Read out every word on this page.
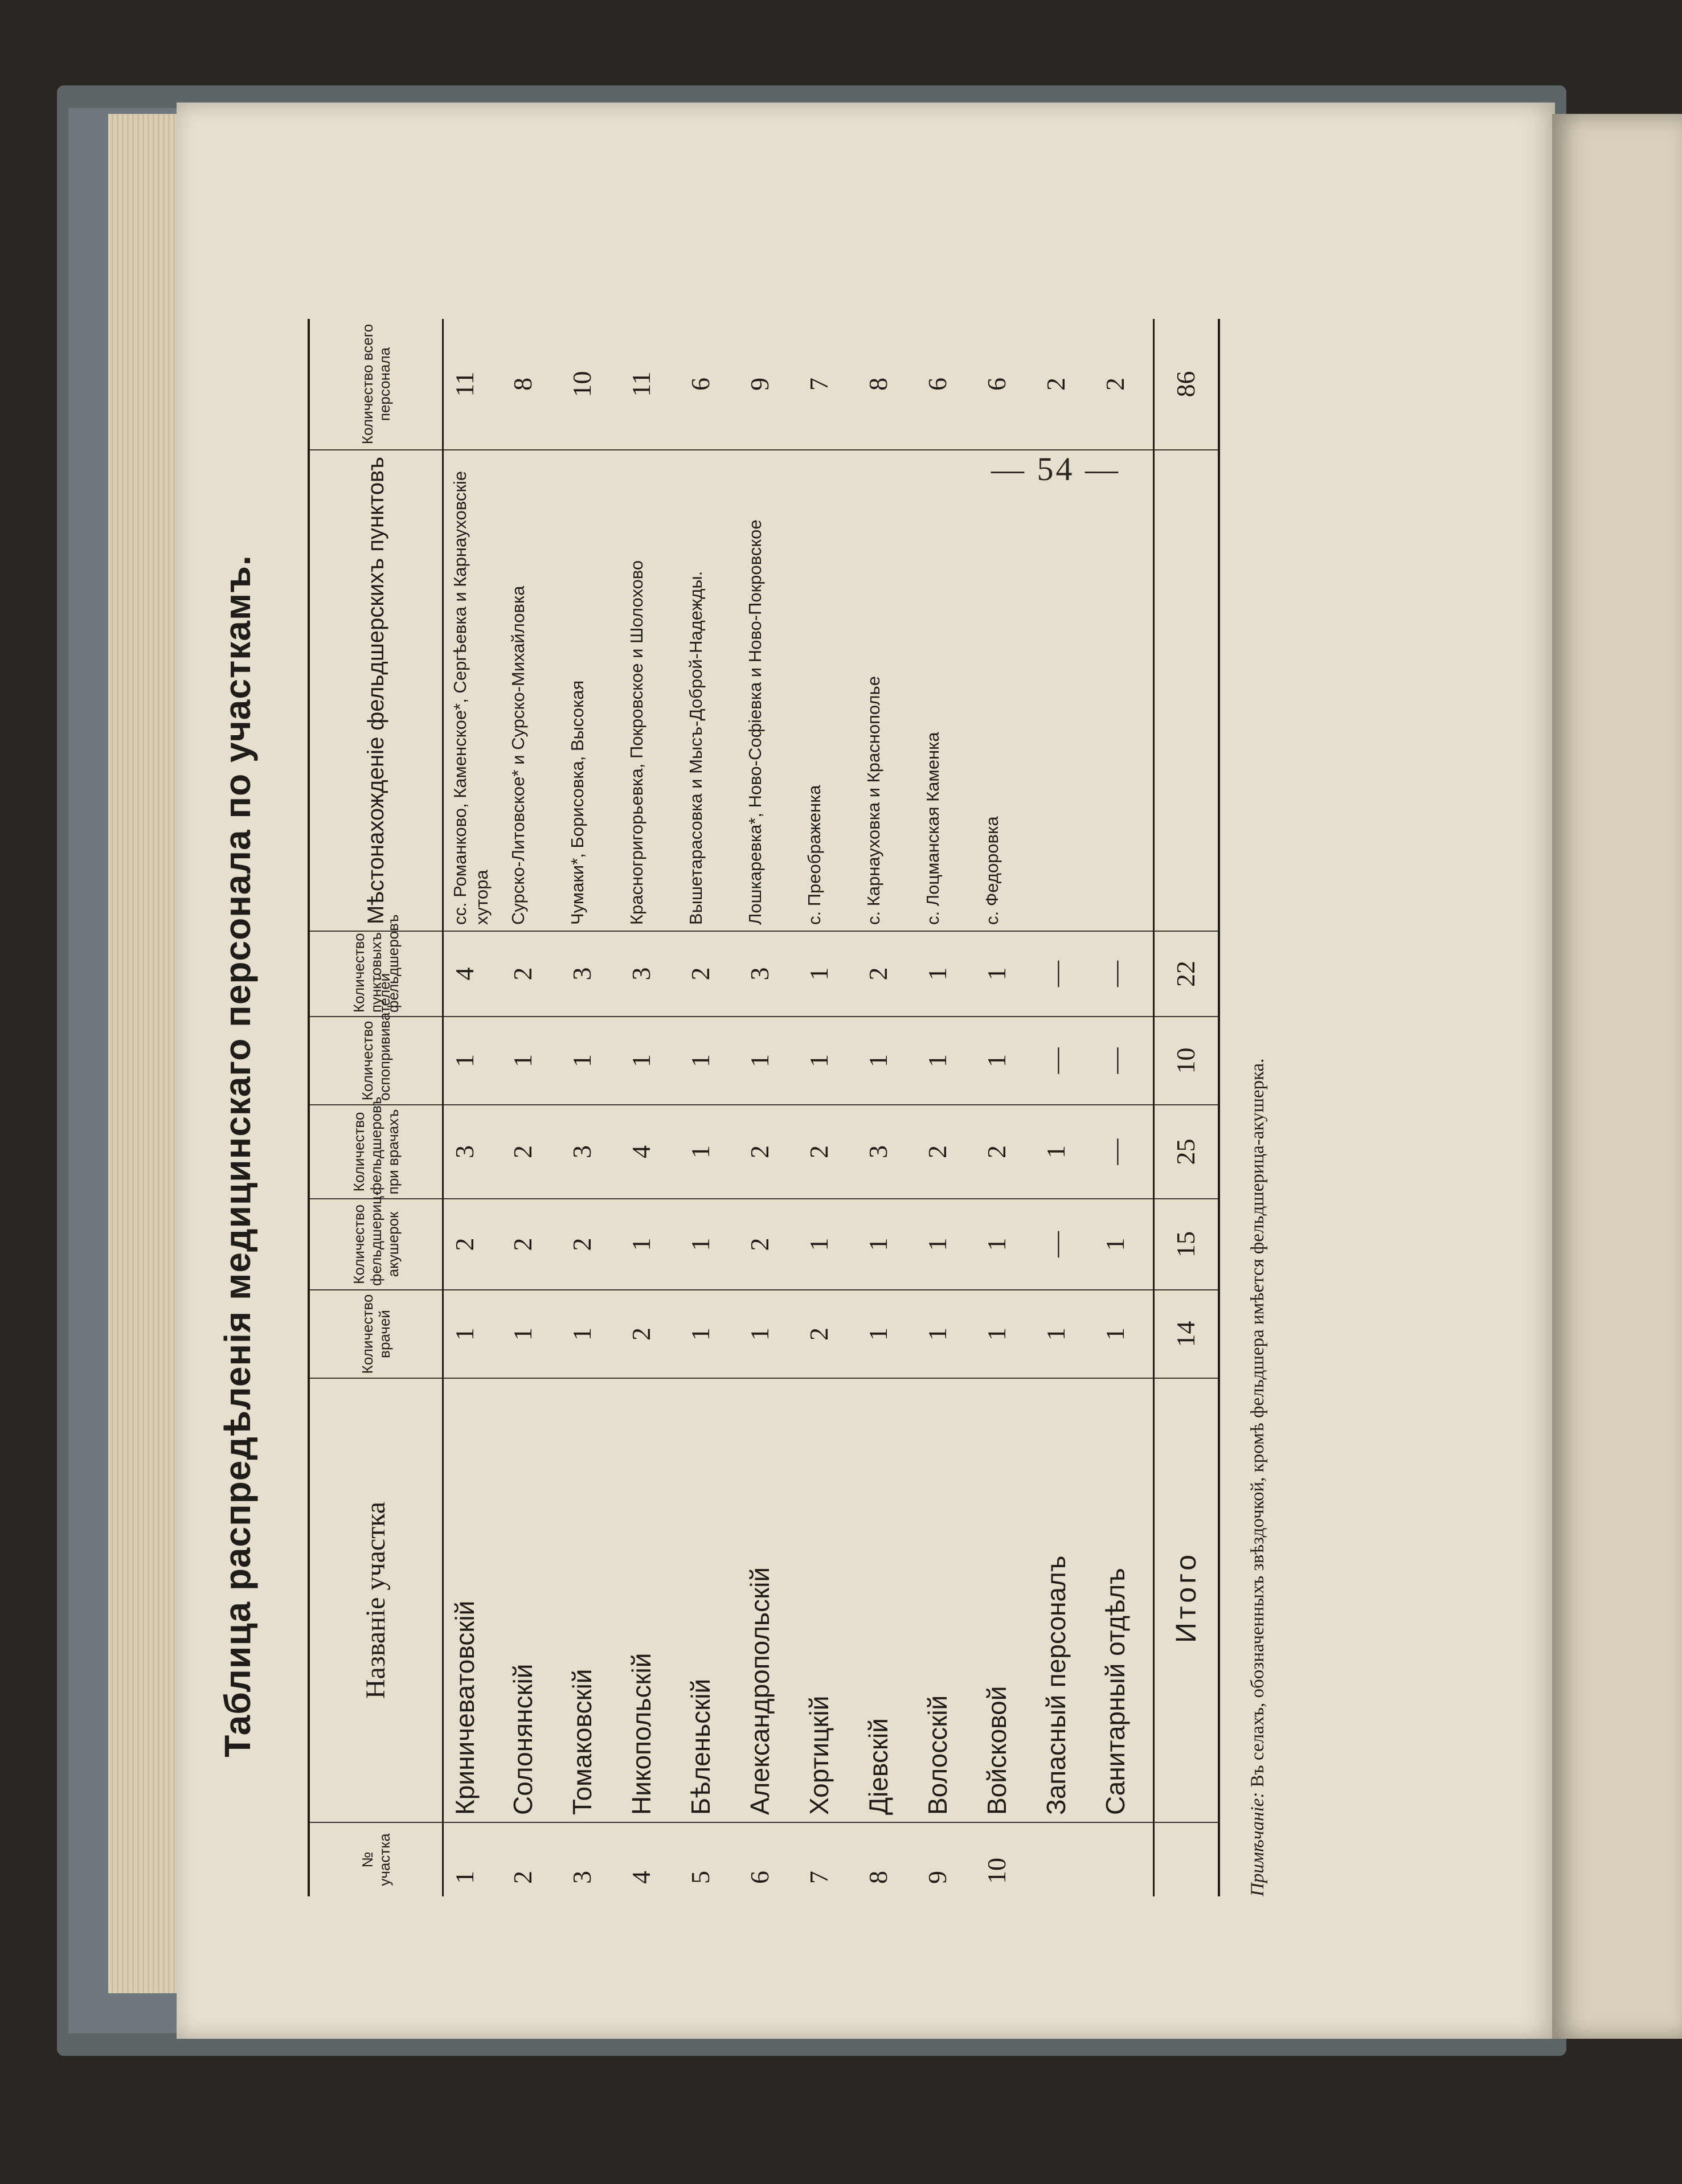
— 54 —
Таблица распредѣленія медицинскаго персонала по участкамъ.
№ участка	Названіе участка	Количество врачей	Количество фельдшериц-акушерок	Количество фельдшеровъ при врачахъ	Количество оспопрививателей	Количество пунктовыхъ фельдшеровъ	Мѣстонахожденіе фельдшерскихъ пунктовъ	Количество всего персонала
1	Криничеватовскій	1	2	3	1	4	сс. Романково, Каменское*, Сергѣевка и Карнауховскіе хутора	11
2	Солонянскій	1	2	2	1	2	Сурско-Литовское* и Сурско-Михайловка	8
3	Томаковскій	1	2	3	1	3	Чумаки*, Борисовка, Высокая	10
4	Никопольскій	2	1	4	1	3	Красногригорьевка, Покровское и Шолохово	11
5	Бѣленьскій	1	1	1	1	2	Вышетарасовка и Мысъ-Доброй-Надежды.	6
6	Александропольскій	1	2	2	1	3	Лошкаревка*, Ново-Софіевка и Ново-Покровское	9
7	Хортицкій	2	1	2	1	1	с. Преображенка	7
8	Діевскій	1	1	3	1	2	с. Карнауховка и Краснополье	8
9	Волосскій	1	1	2	1	1	с. Лоцманская Каменка	6
10	Войсковой	1	1	2	1	1	с. Федоровка	6
	Запасный персоналъ	1	—	1	—	—		2
	Санитарный отдѣлъ	1	1	—	—	—		2
	Итого	14	15	25	10	22		86
Примѣчаніе: Въ селахъ, обозначенныхъ звѣздочкой, кромѣ фельдшера имѣется фельдшерица-акушерка.
